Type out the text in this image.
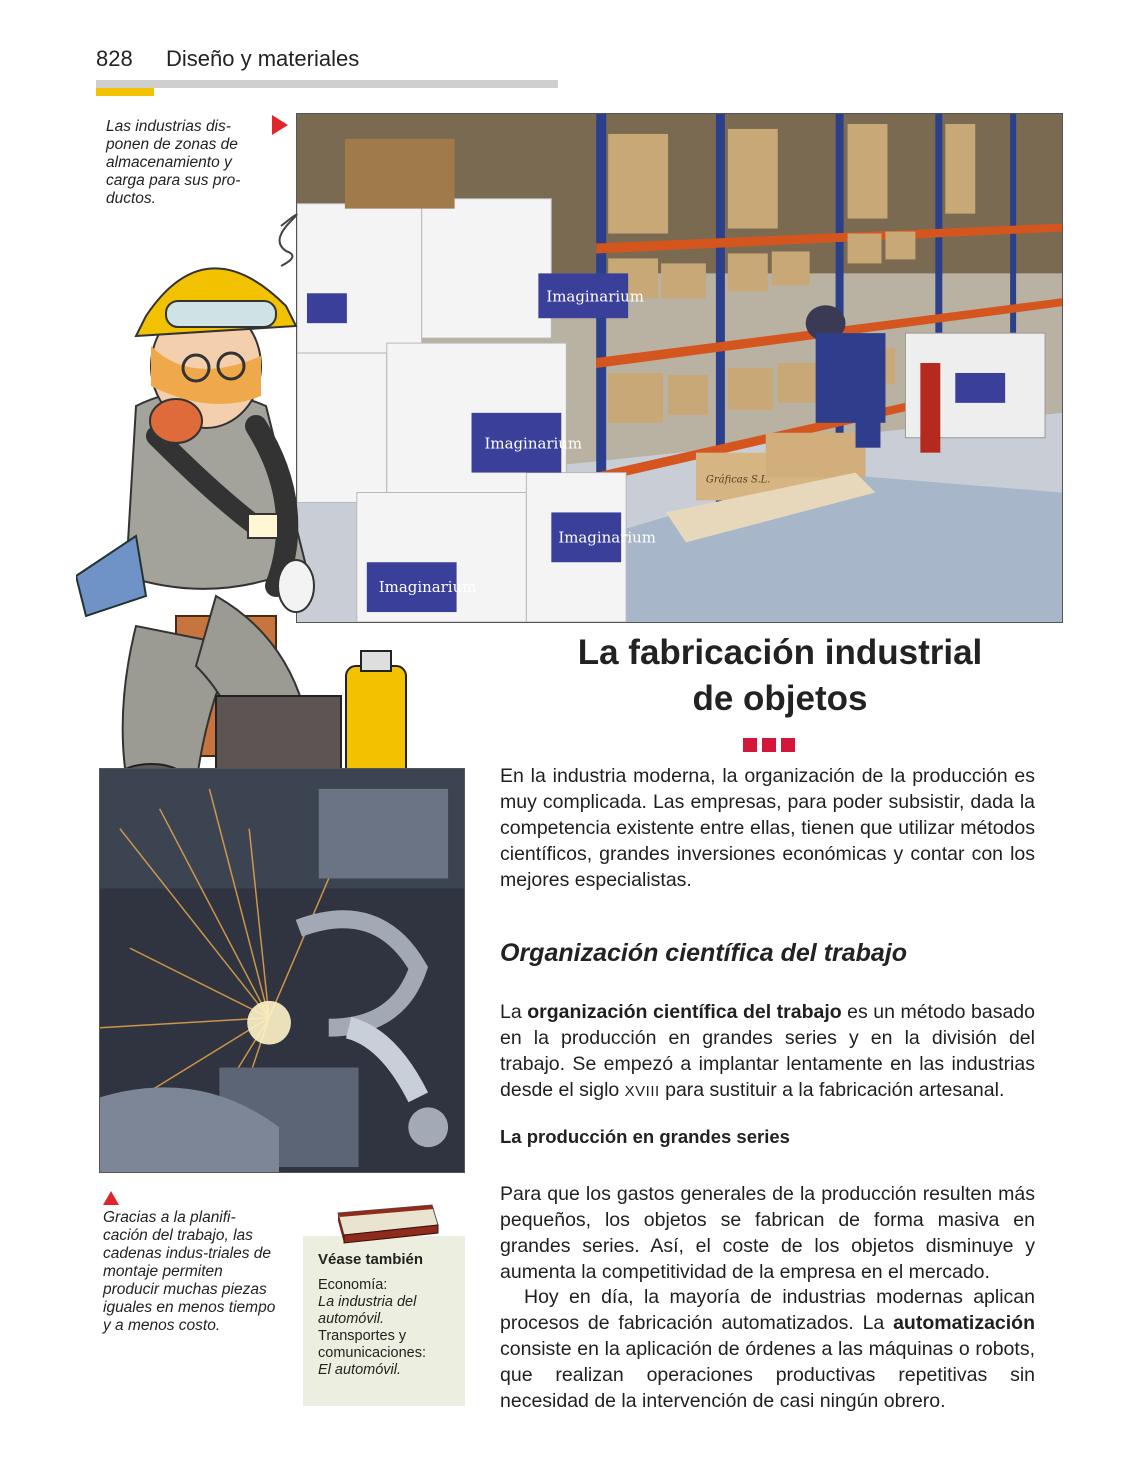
828 Diseño y materiales
Las industrias dis-ponen de zonas de almacenamiento y carga para sus pro-ductos.
Imaginarium
Imaginarium
Imaginarium
Imaginarium
Gráficas S.L.
La fabricación industrial
de objetos
En la industria moderna, la organización de la producción es muy complicada. Las empresas, para poder subsistir, dada la competencia existente entre ellas, tienen que utilizar métodos científicos, grandes inversiones económicas y contar con los mejores especialistas.
Organización científica del trabajo
La organización científica del trabajo es un método basado en la producción en grandes series y en la división del trabajo. Se empezó a implantar lentamente en las industrias desde el siglo XVIII para sustituir a la fabricación artesanal.
La producción en grandes series
Para que los gastos generales de la producción resulten más pequeños, los objetos se fabrican de forma masiva en grandes series. Así, el coste de los objetos disminuye y aumenta la competitividad de la empresa en el mercado.
Hoy en día, la mayoría de industrias modernas aplican procesos de fabricación automatizados. La automatización consiste en la aplicación de órdenes a las máquinas o robots, que realizan operaciones productivas repetitivas sin necesidad de la intervención de casi ningún obrero.
Gracias a la planifi-cación del trabajo, las cadenas indus-triales de montaje permiten producir muchas piezas iguales en menos tiempo y a menos costo.
Véase también
Economía:
La industria del automóvil.
Transportes y comunicaciones:
El automóvil.
